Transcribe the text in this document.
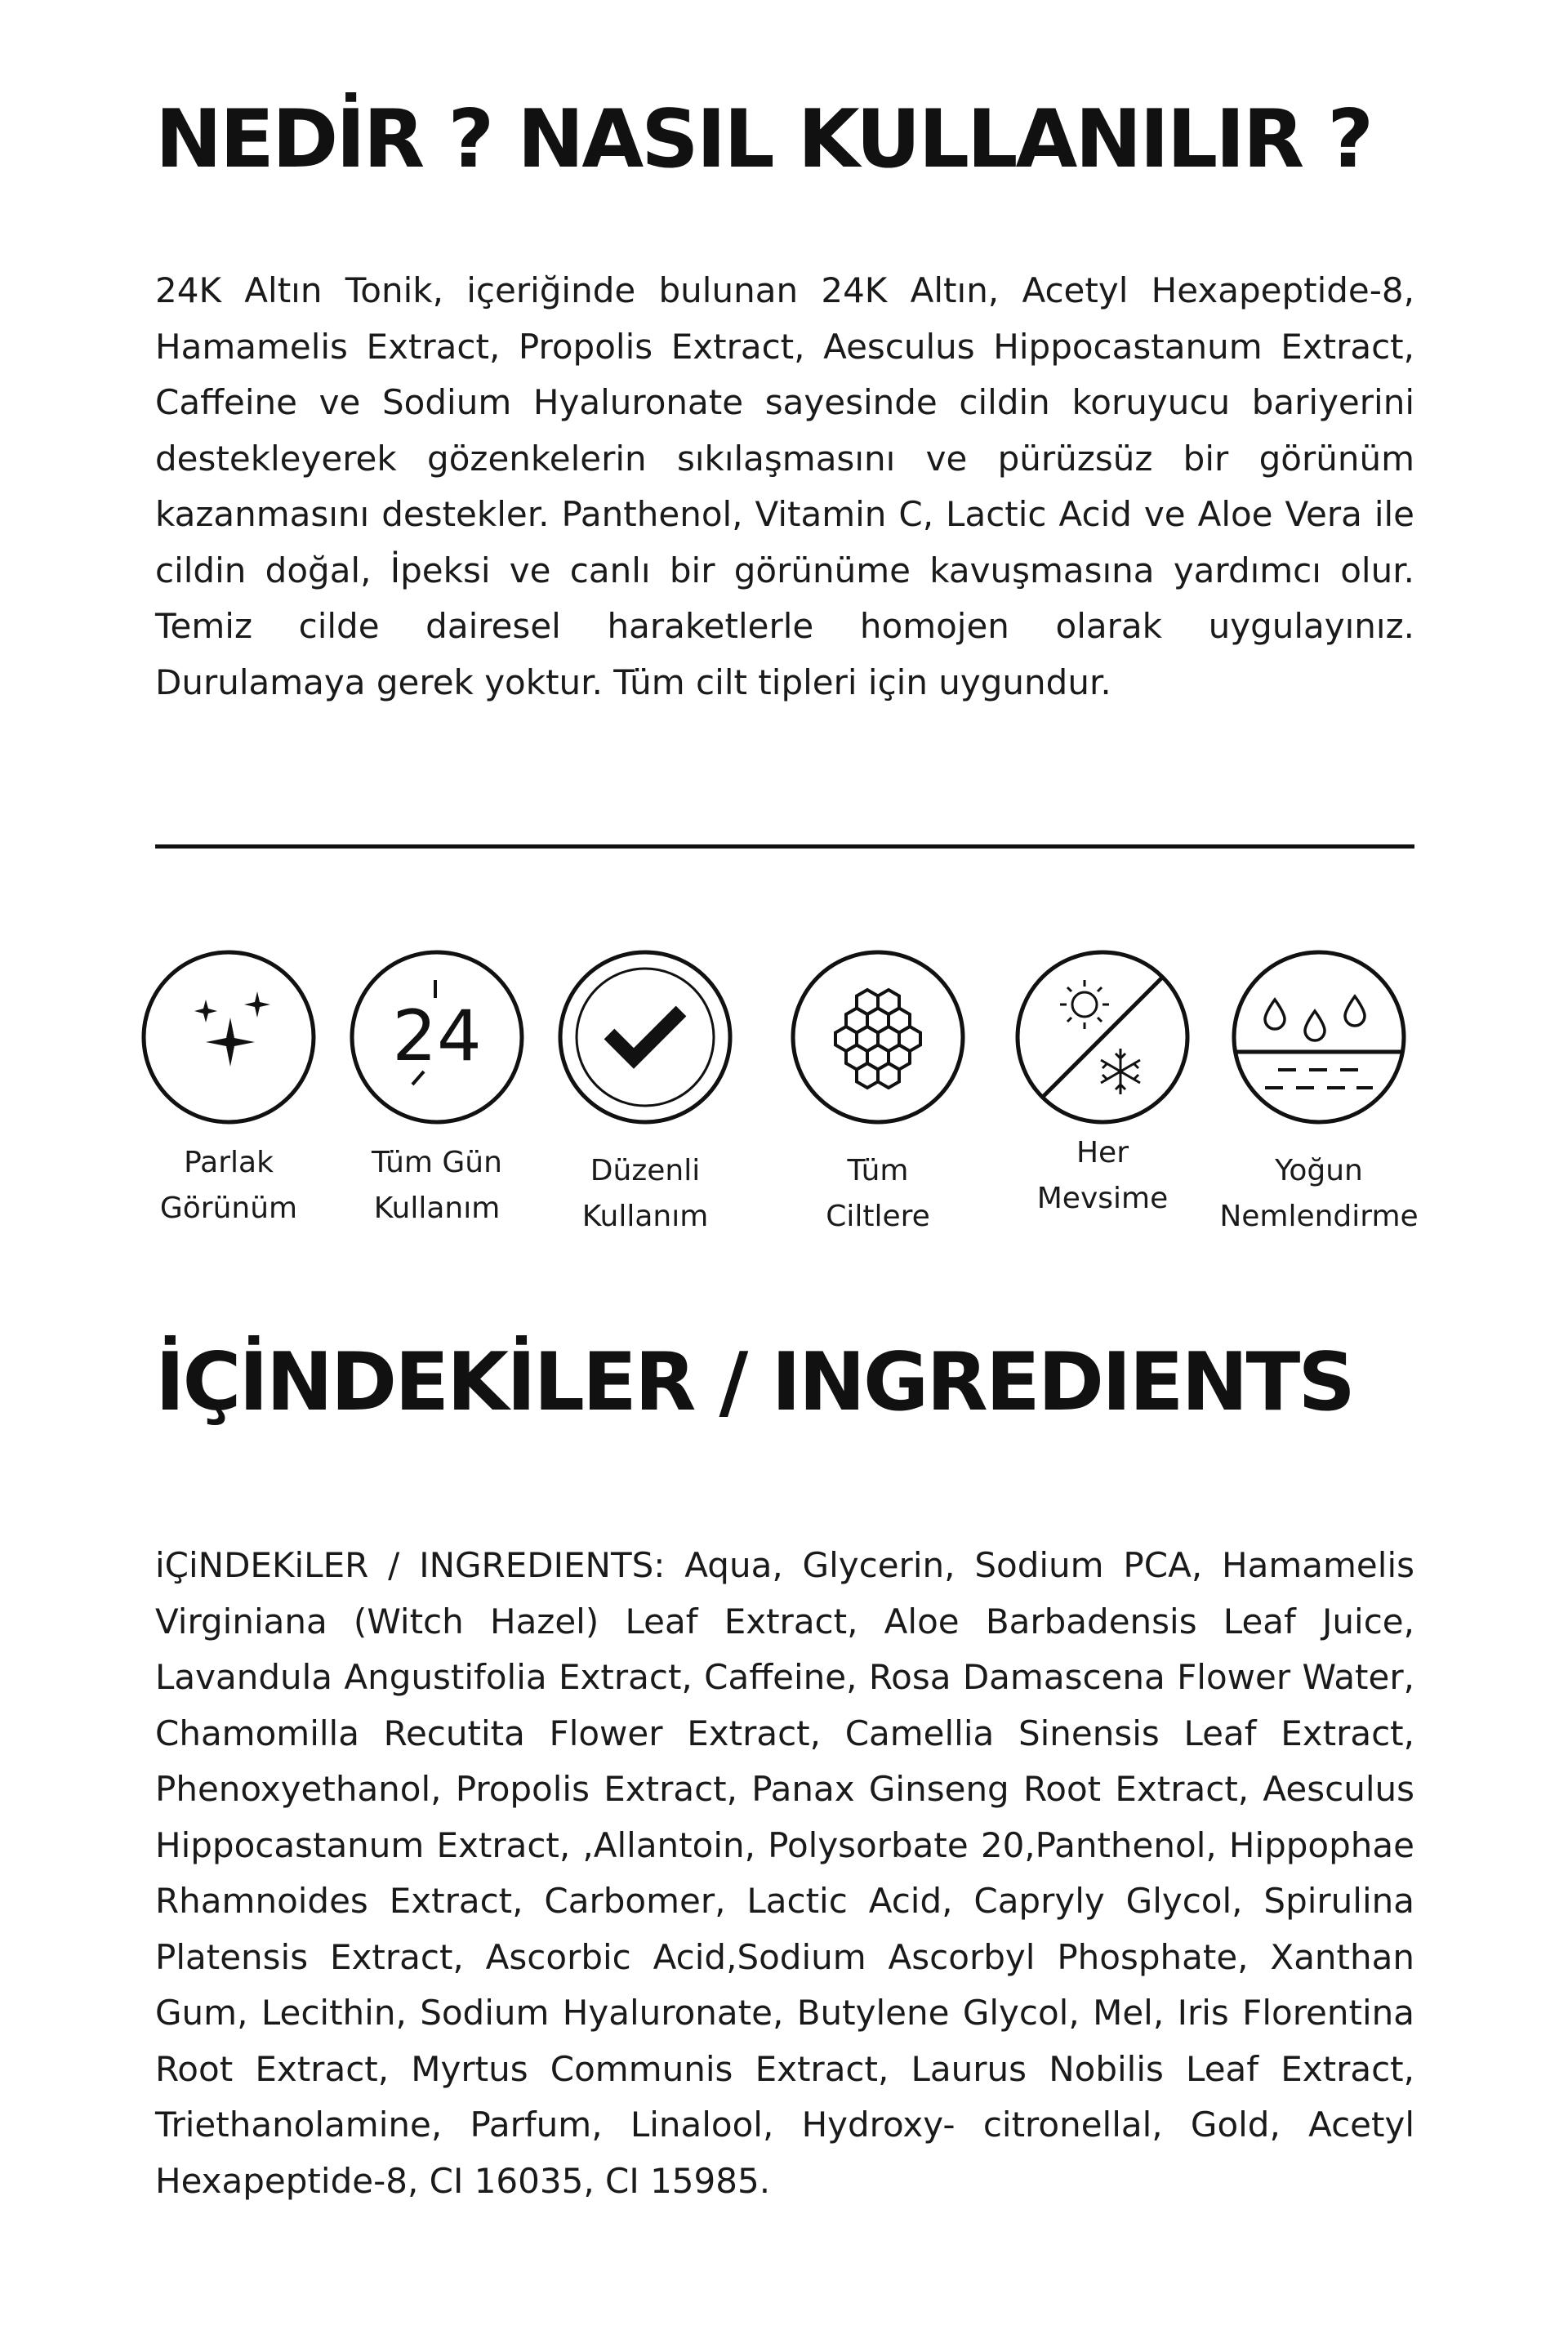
NEDİR ? NASIL KULLANILIR ?

24K Altın Tonik, içeriğinde bulunan 24K Altın, Acetyl Hexapeptide-8, Hamamelis Extract, Propolis Extract, Aesculus Hippocastanum Extract, Caffeine ve Sodium Hyaluronate sayesinde cildin koruyucu bariyerini destekleyerek gözenkelerin sıkılaşmasını ve pürüzsüz bir görünüm kazanmasını destekler. Panthenol, Vitamin C, Lactic Acid ve Aloe Vera ile cildin doğal, İpeksi ve canlı bir görünüme kavuşmasına yardımcı olur. Temiz cilde dairesel haraketlerle homojen olarak uygulayınız. Durulamaya gerek yoktur. Tüm cilt tipleri için uygundur.

Parlak
Görünüm
24
Tüm Gün
Kullanım
Düzenli
Kullanım
Tüm
Ciltlere
Her
Mevsime
Yoğun
Nemlendirme
İÇİNDEKİLER / INGREDIENTS

iÇiNDEKiLER / INGREDIENTS: Aqua, Glycerin, Sodium PCA, Hamamelis Virginiana (Witch Hazel) Leaf Extract, Aloe Barbadensis Leaf Juice, Lavandula Angustifolia Extract, Caffeine, Rosa Damascena Flower Water, Chamomilla Recutita Flower Extract, Camellia Sinensis Leaf Extract, Phenoxyethanol, Propolis Extract, Panax Ginseng Root Extract, Aesculus Hippocastanum Extract, ,Allantoin, Polysorbate 20,Panthenol, Hippophae Rhamnoides Extract, Carbomer, Lactic Acid, Capryly Glycol, Spirulina Platensis Extract, Ascorbic Acid,Sodium Ascorbyl Phosphate, Xanthan Gum, Lecithin, Sodium Hyaluronate, Butylene Glycol, Mel, Iris Florentina Root Extract, Myrtus Communis Extract, Laurus Nobilis Leaf Extract, Triethanolamine, Parfum, Linalool, Hydroxy- citronellal, Gold, Acetyl Hexapeptide-8, CI 16035, CI 15985.
